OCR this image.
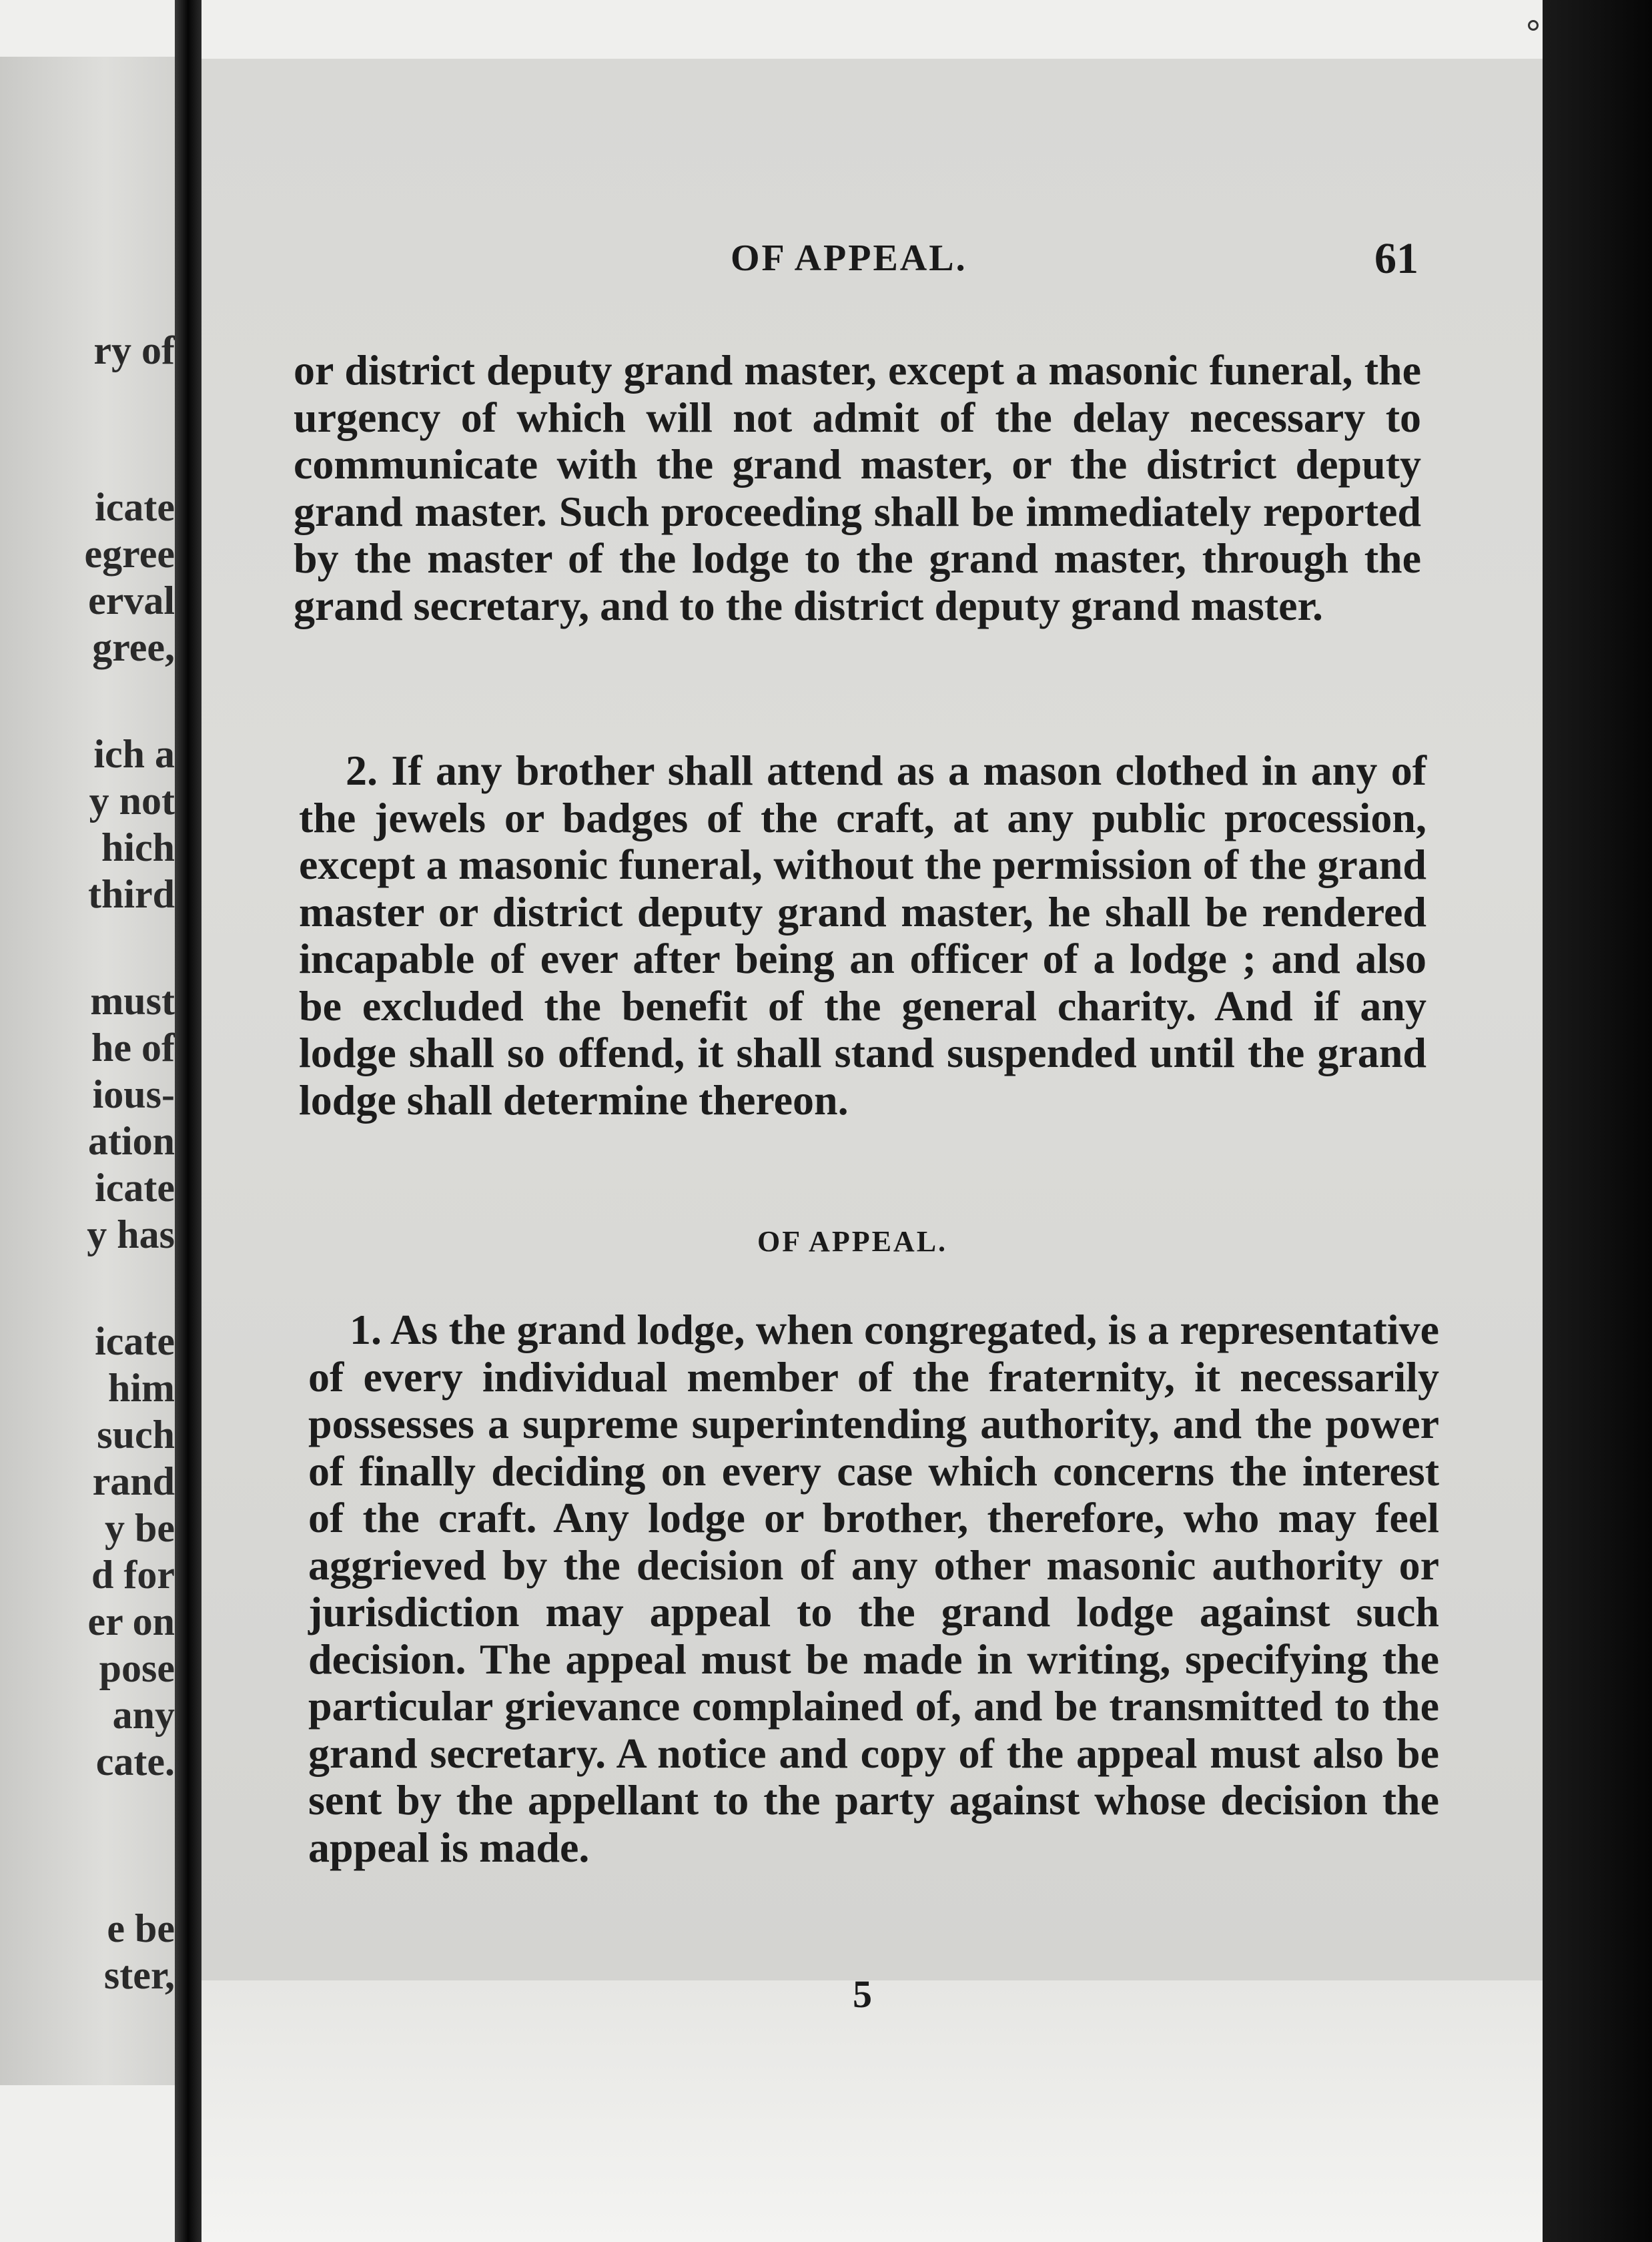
ry of
icate
egree
erval
gree,
ich a
y not
hich
third
must
he of
ious-
ation
icate
y has
icate
him
such
rand
y be
d for
er on
pose
any
cate.
e be
ster,
OF APPEAL.	61

or district deputy grand master, except a masonic funeral, the urgency of which will not admit of the delay necessary to communicate with the grand master, or the district deputy grand master. Such proceeding shall be immediately reported by the master of the lodge to the grand master, through the grand secretary, and to the district deputy grand master.

2. If any brother shall attend as a mason clothed in any of the jewels or badges of the craft, at any public procession, except a masonic funeral, without the permission of the grand master or district deputy grand master, he shall be rendered incapable of ever after being an officer of a lodge ; and also be excluded the benefit of the general charity. And if any lodge shall so offend, it shall stand suspended until the grand lodge shall determine thereon.

OF APPEAL.

1. As the grand lodge, when congregated, is a representative of every individual member of the fraternity, it necessarily possesses a supreme superintending authority, and the power of finally deciding on every case which concerns the interest of the craft. Any lodge or brother, therefore, who may feel aggrieved by the decision of any other masonic authority or jurisdiction may appeal to the grand lodge against such decision. The appeal must be made in writing, specifying the particular grievance complained of, and be transmitted to the grand secretary. A notice and copy of the appeal must also be sent by the appellant to the party against whose decision the appeal is made.

5
